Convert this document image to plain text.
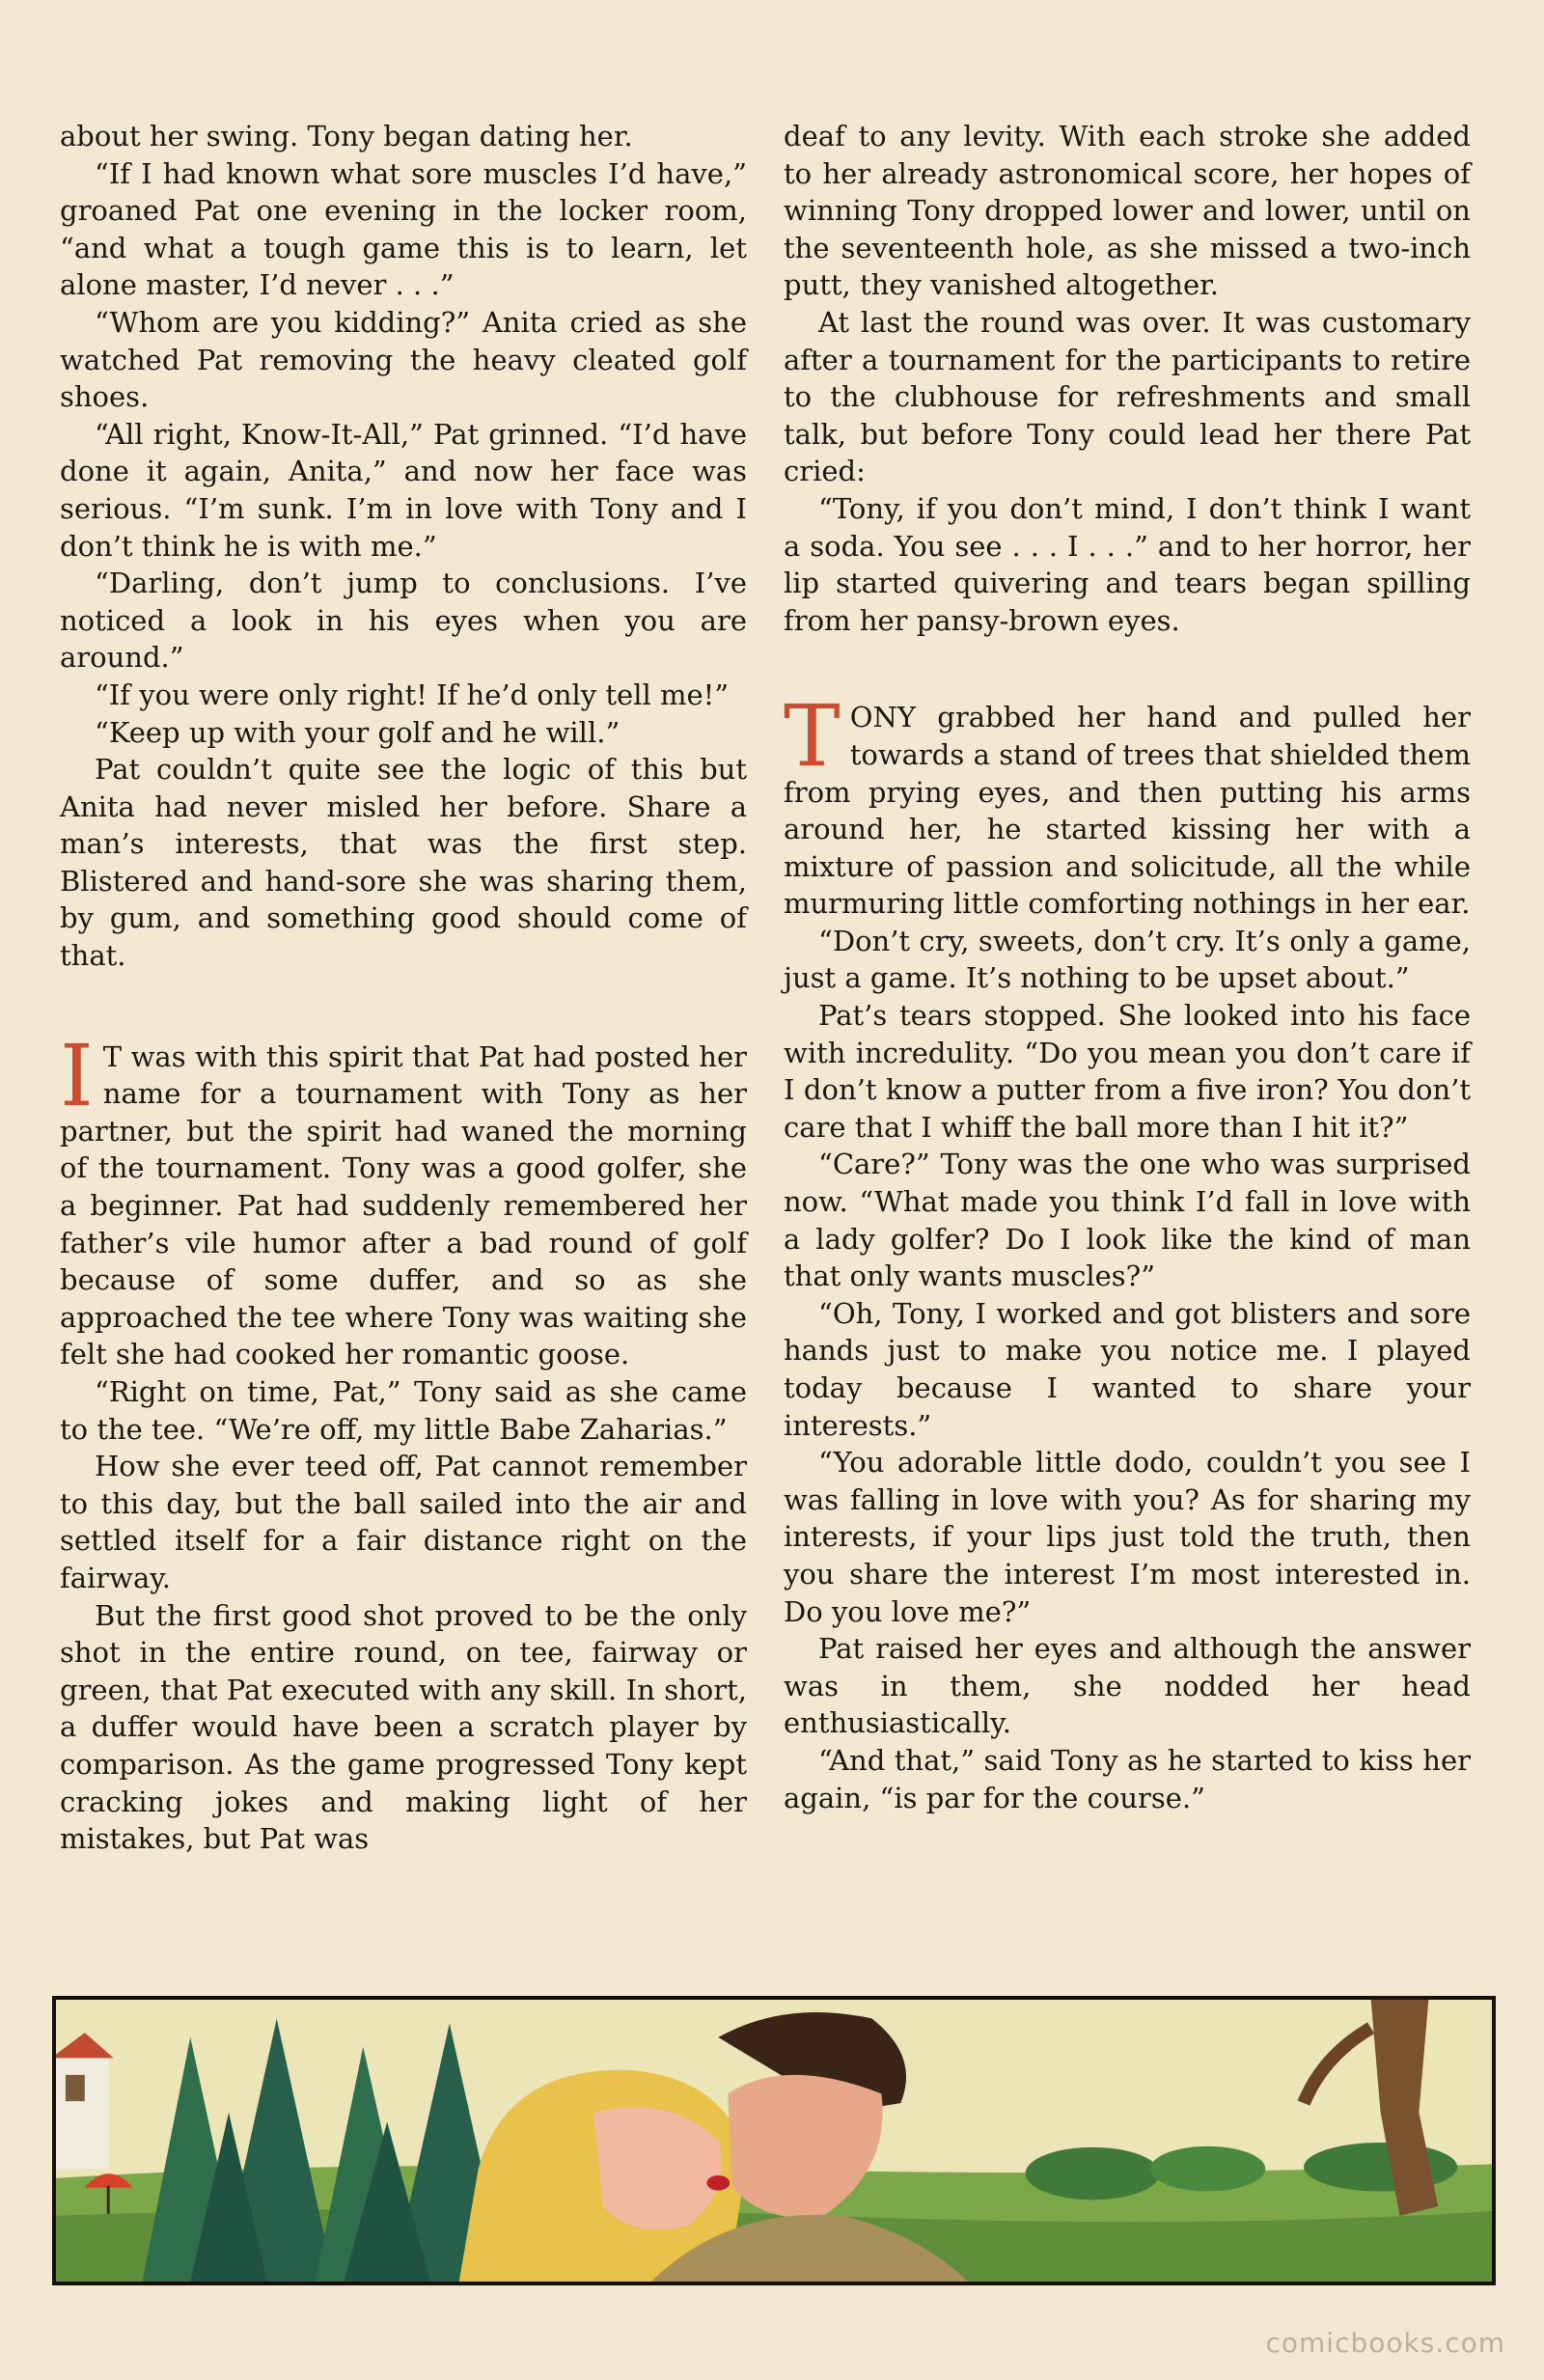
about her swing. Tony began dating her.

“If I had known what sore muscles I’d have,” groaned Pat one evening in the locker room, “and what a tough game this is to learn, let alone master, I’d never . . .”

“Whom are you kidding?” Anita cried as she watched Pat removing the heavy cleated golf shoes.

“All right, Know-It-All,” Pat grinned. “I’d have done it again, Anita,” and now her face was serious. “I’m sunk. I’m in love with Tony and I don’t think he is with me.”

“Darling, don’t jump to conclusions. I’ve noticed a look in his eyes when you are around.”

“If you were only right! If he’d only tell me!”

“Keep up with your golf and he will.”

Pat couldn’t quite see the logic of this but Anita had never misled her before. Share a man’s interests, that was the first step. Blistered and hand-sore she was sharing them, by gum, and something good should come of that.

I T was with this spirit that Pat had posted her name for a tournament with Tony as her partner, but the spirit had waned the morning of the tournament. Tony was a good golfer, she a beginner. Pat had suddenly remembered her father’s vile humor after a bad round of golf because of some duffer, and so as she approached the tee where Tony was waiting she felt she had cooked her romantic goose.

“Right on time, Pat,” Tony said as she came to the tee. “We’re off, my little Babe Zaharias.”

How she ever teed off, Pat cannot remember to this day, but the ball sailed into the air and settled itself for a fair distance right on the fairway.

But the first good shot proved to be the only shot in the entire round, on tee, fairway or green, that Pat executed with any skill. In short, a duffer would have been a scratch player by comparison. As the game progressed Tony kept cracking jokes and making light of her mistakes, but Pat was

deaf to any levity. With each stroke she added to her already astronomical score, her hopes of winning Tony dropped lower and lower, until on the seventeenth hole, as she missed a two-inch putt, they vanished altogether.

At last the round was over. It was customary after a tournament for the participants to retire to the clubhouse for refreshments and small talk, but before Tony could lead her there Pat cried:

“Tony, if you don’t mind, I don’t think I want a soda. You see . . . I . . .” and to her horror, her lip started quivering and tears began spilling from her pansy-brown eyes.

TONY grabbed her hand and pulled her towards a stand of trees that shielded them from prying eyes, and then putting his arms around her, he started kissing her with a mixture of passion and solicitude, all the while murmuring little comforting nothings in her ear.

“Don’t cry, sweets, don’t cry. It’s only a game, just a game. It’s nothing to be upset about.”

Pat’s tears stopped. She looked into his face with incredulity. “Do you mean you don’t care if I don’t know a putter from a five iron? You don’t care that I whiff the ball more than I hit it?”

“Care?” Tony was the one who was surprised now. “What made you think I’d fall in love with a lady golfer? Do I look like the kind of man that only wants muscles?”

“Oh, Tony, I worked and got blisters and sore hands just to make you notice me. I played today because I wanted to share your interests.”

“You adorable little dodo, couldn’t you see I was falling in love with you? As for sharing my interests, if your lips just told the truth, then you share the interest I’m most interested in. Do you love me?”

Pat raised her eyes and although the answer was in them, she nodded her head enthusiastically.

“And that,” said Tony as he started to kiss her again, “is par for the course.”

comicbooks.com
